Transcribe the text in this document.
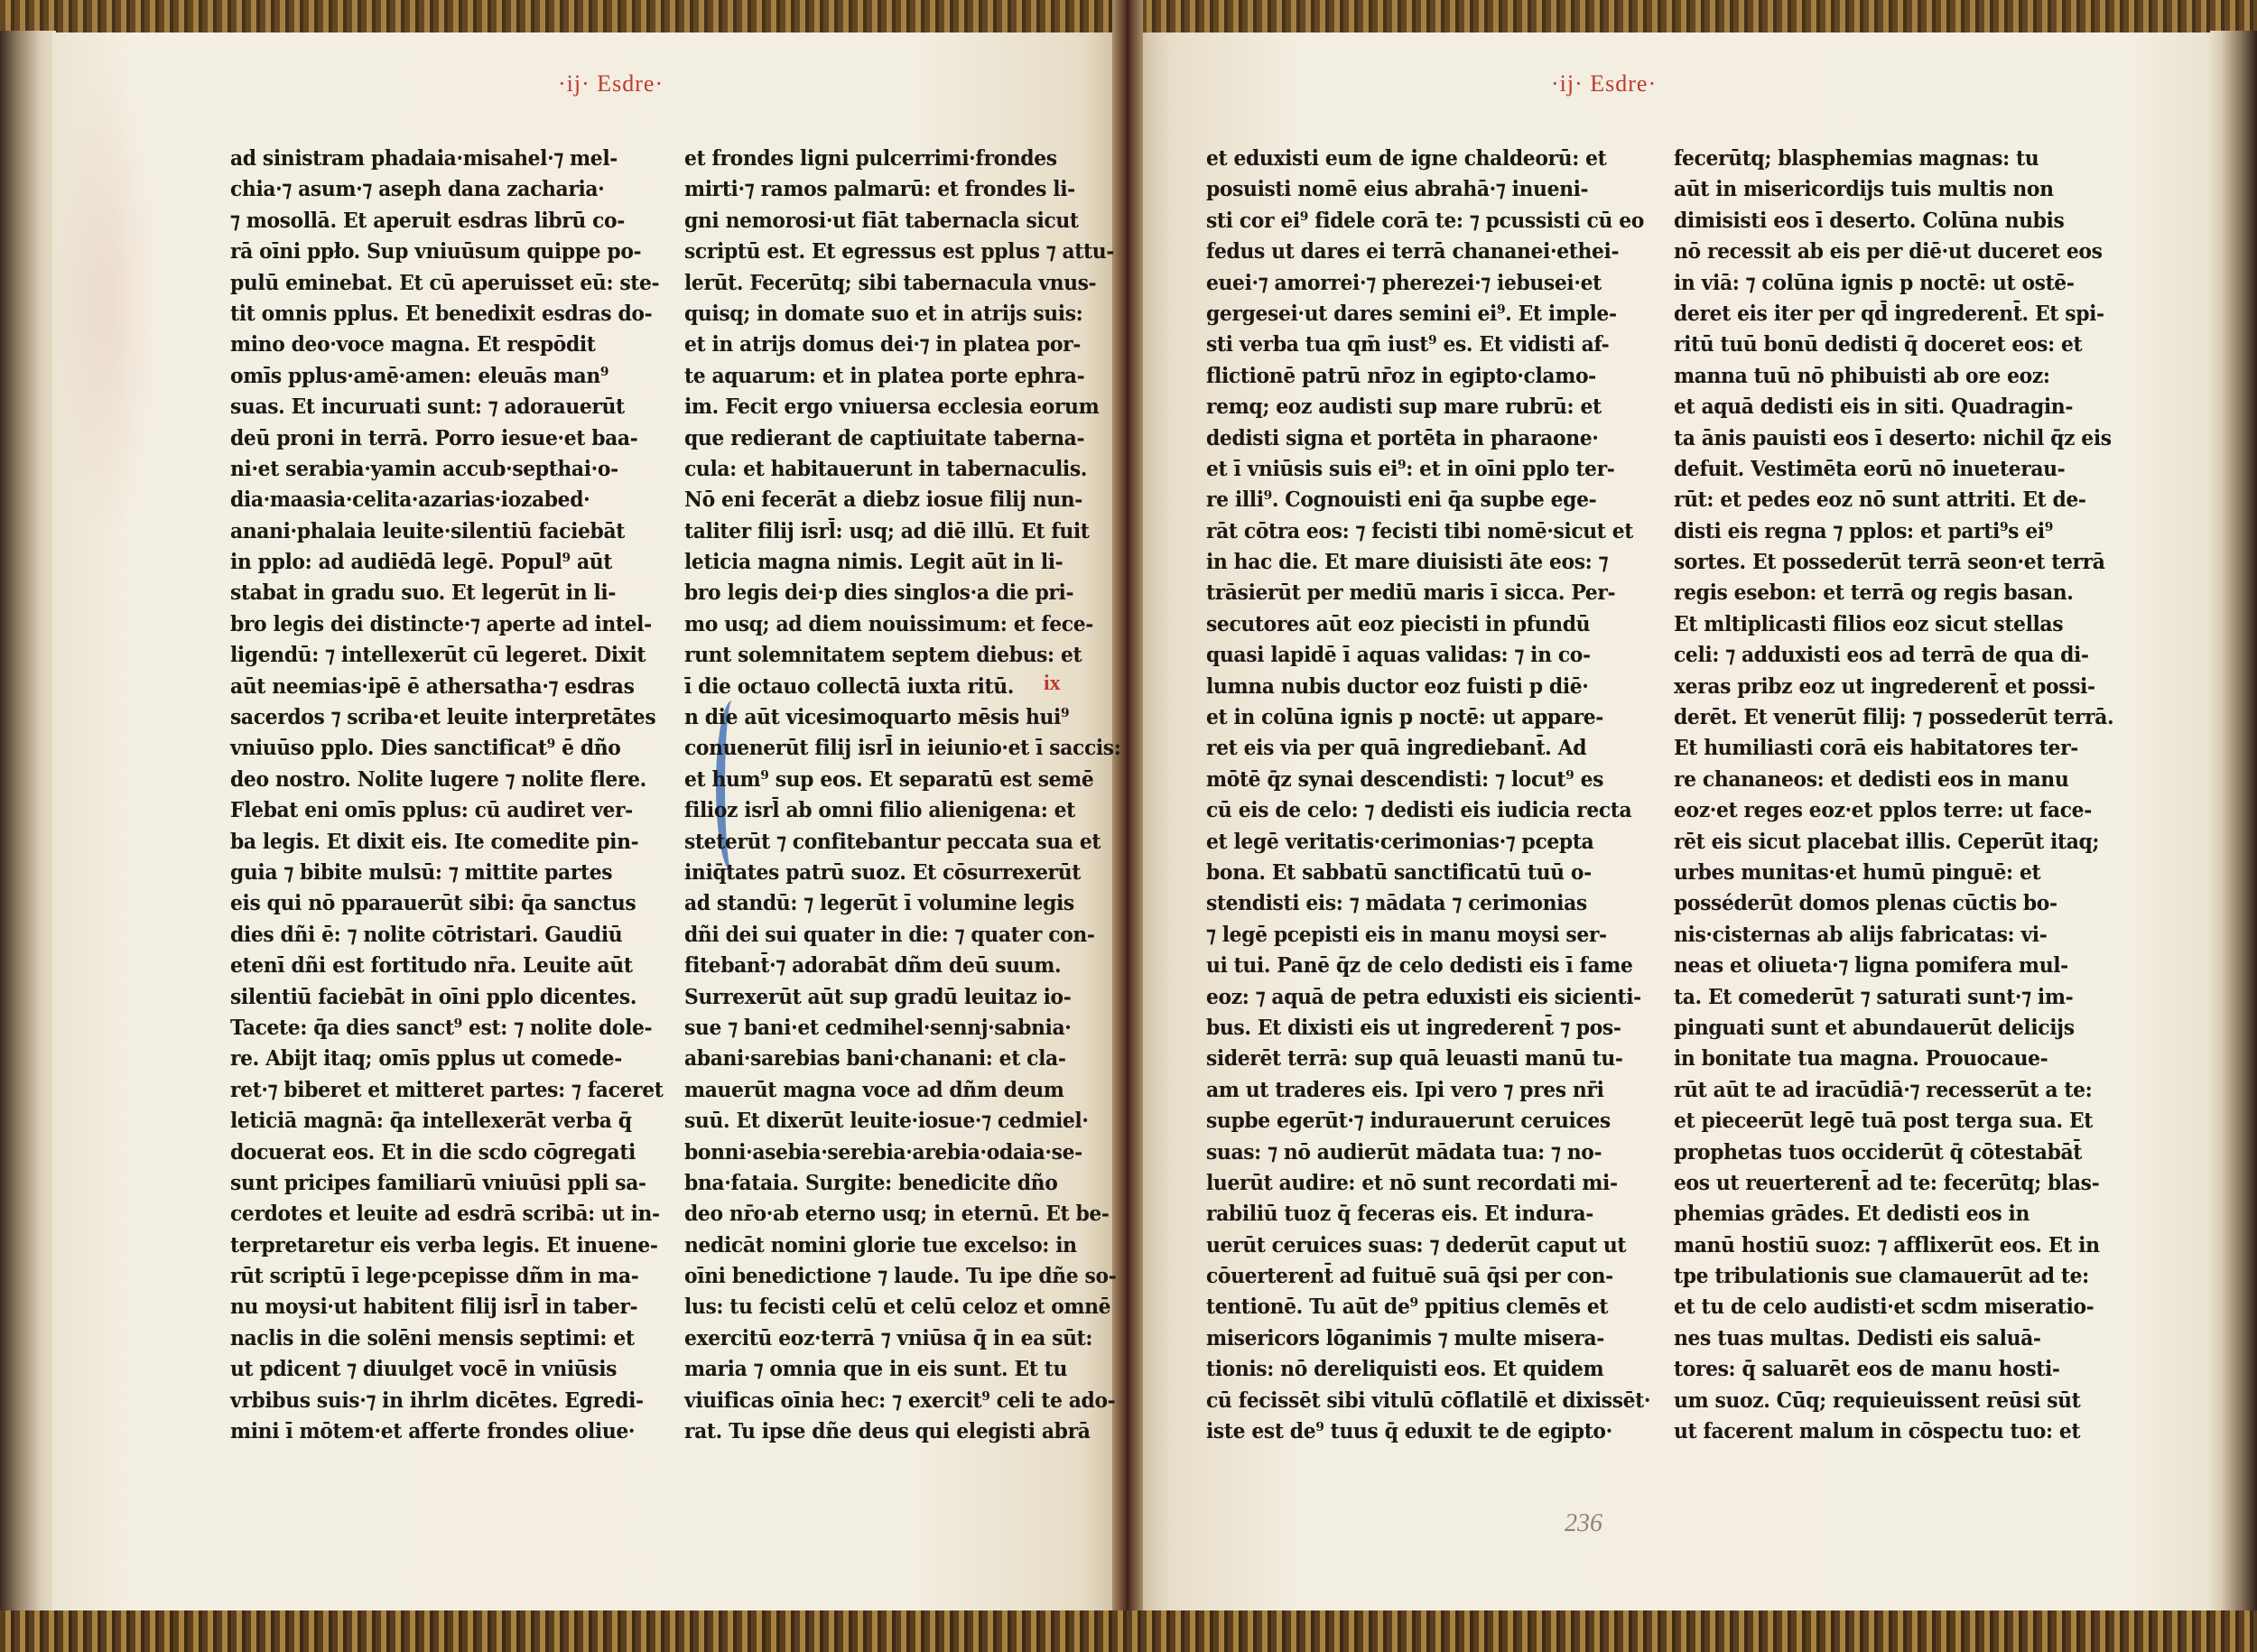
·ij· Esdre·
ix
·ij· Esdre·
236
ad sinistram phadaia·misahel·⁊ mel-
chia·⁊ asum·⁊ aseph dana zacharia·
⁊ mosollā. Et aperuit esdras librū co-
rā oīni ppło. Sup vniuūsum quippe po-
pulū eminebat. Et cū aperuisset eū: ste-
tit omnis pplus. Et benedixit esdras do-
mino deo·voce magna. Et respōdit
omīs pplus·amē·amen: eleuās man⁹
suas. Et incuruati sunt: ⁊ adorauerūt
deū proni in terrā. Porro iesue·et baa-
ni·et serabia·yamin accub·septhai·o-
dia·maasia·celita·azarias·iozabed·
anani·phalaia leuite·silentiū faciebāt
in pplo: ad audiēdā legē. Popul⁹ aūt
stabat in gradu suo. Et legerūt in li-
bro legis dei distincte·⁊ aperte ad intel-
ligendū: ⁊ intellexerūt cū legeret. Dixit
aūt neemias·ipē ē athersatha·⁊ esdras
sacerdos ⁊ scriba·et leuite interpretātes
vniuūso pplo. Dies sanctificat⁹ ē dño
deo nostro. Nolite lugere ⁊ nolite flere.
Flebat eni omīs pplus: cū audiret ver-
ba legis. Et dixit eis. Ite comedite pin-
guia ⁊ bibite mulsū: ⁊ mittite partes
eis qui nō pparauerūt sibi: q̄a sanctus
dies dñi ē: ⁊ nolite cōtristari. Gaudiū
etenī dñi est fortitudo nr̄a. Leuite aūt
silentiū faciebāt in oīni pplo dicentes.
Tacete: q̄a dies sanct⁹ est: ⁊ nolite dole-
re. Abijt itaq; omīs pplus ut comede-
ret·⁊ biberet et mitteret partes: ⁊ faceret
leticiā magnā: q̄a intellexerāt verba q̄
docuerat eos. Et in die scdo cōgregati
sunt pricipes familiarū vniuūsi ppli sa-
cerdotes et leuite ad esdrā scribā: ut in-
terpretaretur eis verba legis. Et inuene-
rūt scriptū ī lege·pcepisse dñm in ma-
nu moysi·ut habitent filij isrl̄ in taber-
naclis in die solēni mensis septimi: et
ut pdicent ⁊ diuulget vocē in vniūsis
vrbibus suis·⁊ in ihrlm dicētes. Egredi-
mini ī mōtem·et afferte frondes oliue·
et frondes ligni pulcerrimi·frondes
mirti·⁊ ramos palmarū: et frondes li-
gni nemorosi·ut fiāt tabernacla sicut
scriptū est. Et egressus est pplus ⁊ attu-
lerūt. Fecerūtq; sibi tabernacula vnus-
quisq; in domate suo et in atrijs suis:
et in atrijs domus dei·⁊ in platea por-
te aquarum: et in platea porte ephra-
im. Fecit ergo vniuersa ecclesia eorum
que redierant de captiuitate taberna-
cula: et habitauerunt in tabernaculis.
Nō eni fecerāt a diebz iosue filij nun-
taliter filij isrl̄: usq; ad diē illū. Et fuit
leticia magna nimis. Legit aūt in li-
bro legis dei·p dies singlos·a die pri-
mo usq; ad diem nouissimum: et fece-
runt solemnitatem septem diebus: et
ī die octauo collectā iuxta ritū.
n die aūt vicesimoquarto mēsis hui⁹
conuenerūt filij isrl̄ in ieiunio·et ī saccis:
et hum⁹ sup eos. Et separatū est semē
filioz isrl̄ ab omni filio alienigena: et
steterūt ⁊ confitebantur peccata sua et
iniq̄tates patrū suoz. Et cōsurrexerūt
ad standū: ⁊ legerūt ī volumine legis
dñi dei sui quater in die: ⁊ quater con-
fitebant̄·⁊ adorabāt dñm deū suum.
Surrexerūt aūt sup gradū leuitaz io-
sue ⁊ bani·et cedmihel·sennj·sabnia·
abani·sarebias bani·chanani: et cla-
mauerūt magna voce ad dñm deum
suū. Et dixerūt leuite·iosue·⁊ cedmiel·
bonni·asebia·serebia·arebia·odaia·se-
bna·fataia. Surgite: benedicite dño
deo nr̄o·ab eterno usq; in eternū. Et be-
nedicāt nomini glorie tue excelso: in
oīni benedictione ⁊ laude. Tu ipe dñe so-
lus: tu fecisti celū et celū celoz et omnē
exercitū eoz·terrā ⁊ vniūsa q̄ in ea sūt:
maria ⁊ omnia que in eis sunt. Et tu
viuificas oīnia hec: ⁊ exercit⁹ celi te ado-
rat. Tu ipse dñe deus qui elegisti abrā
et eduxisti eum de igne chaldeorū: et
posuisti nomē eius abrahā·⁊ inueni-
sti cor ei⁹ fidele corā te: ⁊ pcussisti cū eo
fedus ut dares ei terrā chananei·ethei-
euei·⁊ amorrei·⁊ pherezei·⁊ iebusei·et
gergesei·ut dares semini ei⁹. Et imple-
sti verba tua qm̄ iust⁹ es. Et vidisti af-
flictionē patrū nr̄oz in egipto·clamo-
remq; eoz audisti sup mare rubrū: et
dedisti signa et portēta in pharaone·
et ī vniūsis suis ei⁹: et in oīni pplo ter-
re illi⁹. Cognouisti eni q̄a supbe ege-
rāt cōtra eos: ⁊ fecisti tibi nomē·sicut et
in hac die. Et mare diuisisti āte eos: ⁊
trāsierūt per mediū maris ī sicca. Per-
secutores aūt eoz piecisti in pfundū
quasi lapidē ī aquas validas: ⁊ in co-
lumna nubis ductor eoz fuisti p diē·
et in colūna ignis p noctē: ut appare-
ret eis via per quā ingrediebant̄. Ad
mōtē q̄z synai descendisti: ⁊ locut⁹ es
cū eis de celo: ⁊ dedisti eis iudicia recta
et legē veritatis·cerimonias·⁊ pcepta
bona. Et sabbatū sanctificatū tuū o-
stendisti eis: ⁊ mādata ⁊ cerimonias
⁊ legē pcepisti eis in manu moysi ser-
ui tui. Panē q̄z de celo dedisti eis ī fame
eoz: ⁊ aquā de petra eduxisti eis sicienti-
bus. Et dixisti eis ut ingrederent̄ ⁊ pos-
siderēt terrā: sup quā leuasti manū tu-
am ut traderes eis. Ipi vero ⁊ pres nr̄i
supbe egerūt·⁊ indurauerunt ceruices
suas: ⁊ nō audierūt mādata tua: ⁊ no-
luerūt audire: et nō sunt recordati mi-
rabiliū tuoz q̄ feceras eis. Et indura-
uerūt ceruices suas: ⁊ dederūt caput ut
cōuerterent̄ ad fuituē suā q̄si per con-
tentionē. Tu aūt de⁹ ppitius clemēs et
misericors lōganimis ⁊ multe misera-
tionis: nō dereliquisti eos. Et quidem
cū fecissēt sibi vitulū cōflatilē et dixissēt·
iste est de⁹ tuus q̄ eduxit te de egipto·
fecerūtq; blasphemias magnas: tu
aūt in misericordijs tuis multis non
dimisisti eos ī deserto. Colūna nubis
nō recessit ab eis per diē·ut duceret eos
in viā: ⁊ colūna ignis p noctē: ut ostē-
deret eis iter per qd̄ ingrederent̄. Et spi-
ritū tuū bonū dedisti q̄ doceret eos: et
manna tuū nō phibuisti ab ore eoz:
et aquā dedisti eis in siti. Quadragin-
ta ānis pauisti eos ī deserto: nichil q̄z eis
defuit. Vestimēta eorū nō inueterau-
rūt: et pedes eoz nō sunt attriti. Et de-
disti eis regna ⁊ pplos: et parti⁹s ei⁹
sortes. Et possederūt terrā seon·et terrā
regis esebon: et terrā og regis basan.
Et mltiplicasti filios eoz sicut stellas
celi: ⁊ adduxisti eos ad terrā de qua di-
xeras pribz eoz ut ingrederent̄ et possi-
derēt. Et venerūt filij: ⁊ possederūt terrā.
Et humiliasti corā eis habitatores ter-
re chananeos: et dedisti eos in manu
eoz·et reges eoz·et pplos terre: ut face-
rēt eis sicut placebat illis. Ceperūt itaq;
urbes munitas·et humū pinguē: et
posséderūt domos plenas cūctis bo-
nis·cisternas ab alijs fabricatas: vi-
neas et oliueta·⁊ ligna pomifera mul-
ta. Et comederūt ⁊ saturati sunt·⁊ im-
pinguati sunt et abundauerūt delicijs
in bonitate tua magna. Prouocaue-
rūt aūt te ad iracūdiā·⁊ recesserūt a te:
et pieceerūt legē tuā post terga sua. Et
prophetas tuos occiderūt q̄ cōtestabāt̄
eos ut reuerterent̄ ad te: fecerūtq; blas-
phemias grādes. Et dedisti eos in
manū hostiū suoz: ⁊ afflixerūt eos. Et in
tpe tribulationis sue clamauerūt ad te:
et tu de celo audisti·et scdm miseratio-
nes tuas multas. Dedisti eis saluā-
tores: q̄ saluarēt eos de manu hosti-
um suoz. Cūq; requieuissent reūsi sūt
ut facerent malum in cōspectu tuo: et
